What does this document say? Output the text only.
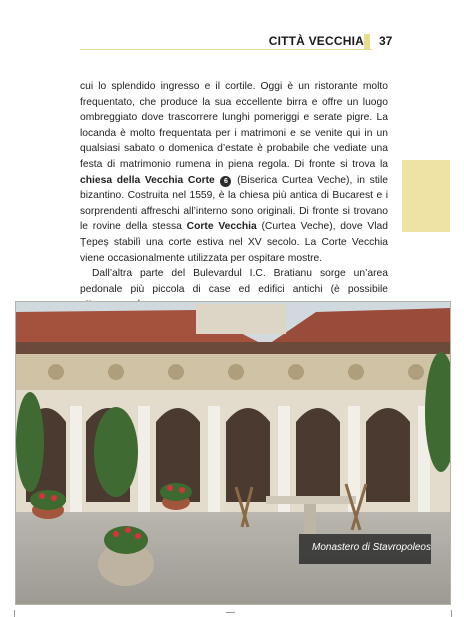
CITTÀ VECCHIA 37

cui lo splendido ingresso e il cortile. Oggi è un ristorante molto frequentato, che produce la sua eccellente birra e offre un luogo ombreggiato dove trascorrere lunghi pomeriggi e serate pigre. La locanda è molto frequentata per i matrimoni e se venite qui in un qualsiasi sabato o domenica d’estate è probabile che vediate una festa di matrimonio rumena in piena regola. Di fronte si trova la chiesa della Vecchia Corte 6 (Biserica Curtea Veche), in stile bizantino. Costruita nel 1559, è la chiesa più antica di Bucarest e i sorprendenti affreschi all’interno sono originali. Di fronte si trovano le rovine della stessa Corte Vecchia (Curtea Veche), dove Vlad Țepeș stabilì una corte estiva nel XV secolo. La Corte Vecchia viene occasionalmente utilizzata per ospitare mostre.

Dall’altra parte del Bulevardul I.C. Bratianu sorge un’area pedonale più piccola di case ed edifici antichi (è possibile

Monastero di Stavropoleos
